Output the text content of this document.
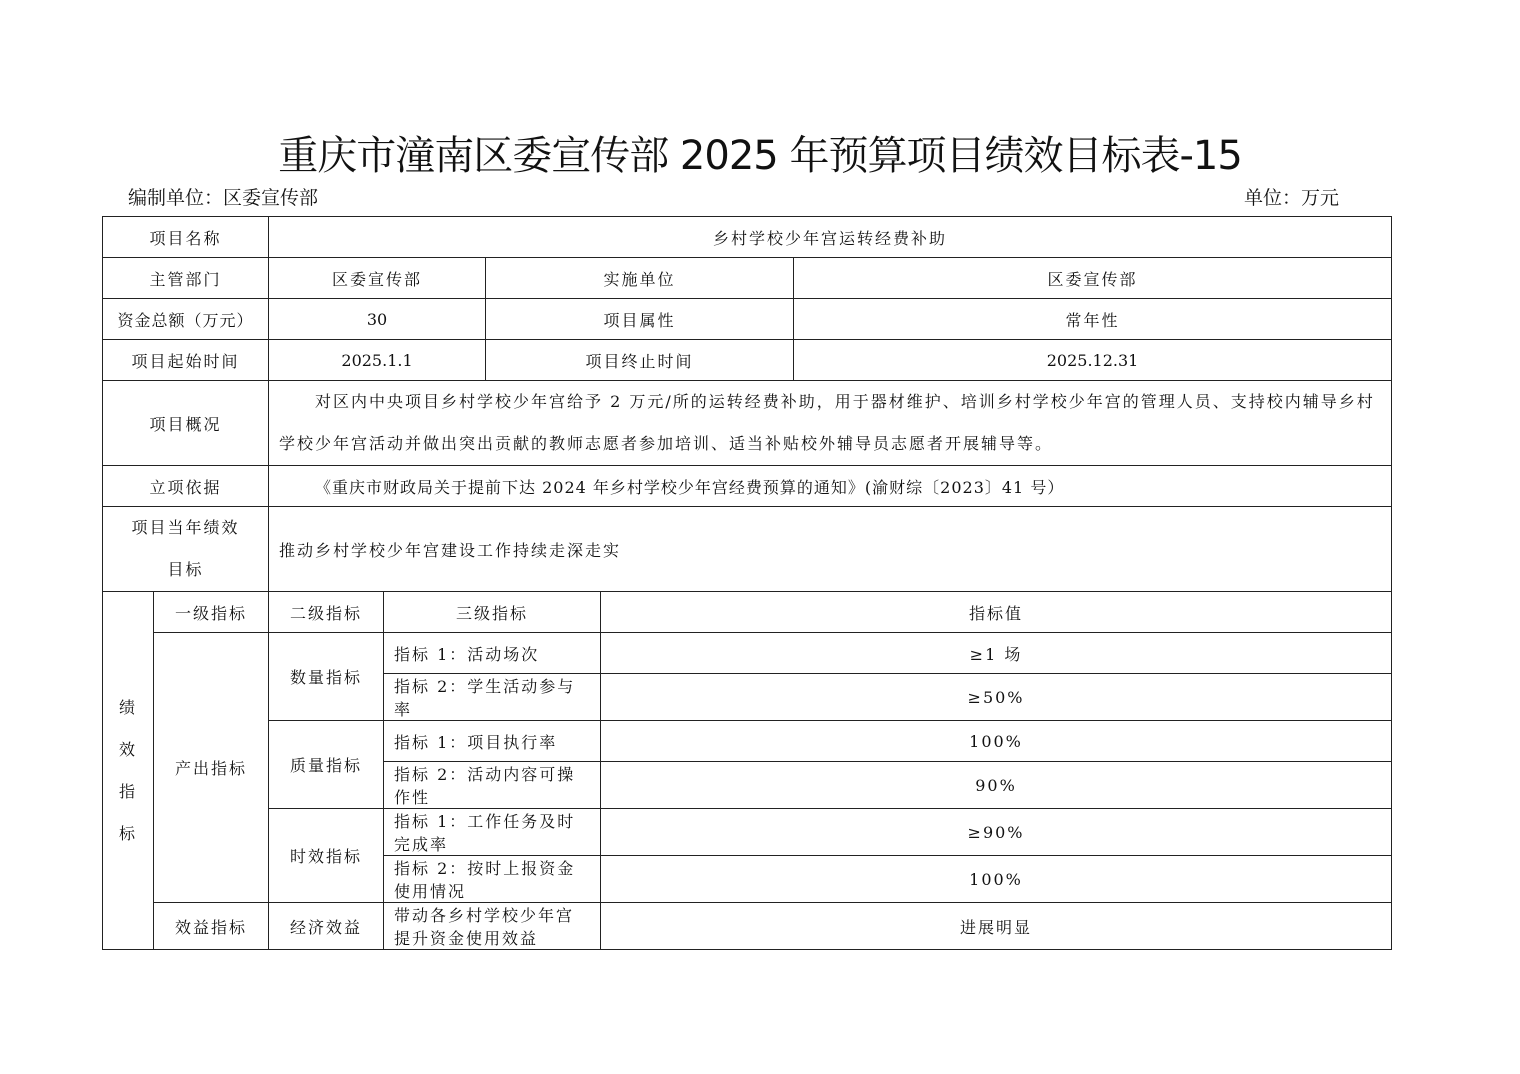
重庆市潼南区委宣传部 2025 年预算项目绩效目标表-15
编制单位：区委宣传部	单位：万元
项目名称		乡村学校少年宫运转经费补助				
主管部门		区委宣传部		实施单位		区委宣传部
资金总额（万元）		30		项目属性		常年性
项目起始时间		2025.1.1		项目终止时间		2025.12.31
项目概况		对区内中央项目乡村学校少年宫给予 2 万元/所的运转经费补助，用于器材维护、培训乡村学校少年宫的管理人员、支持校内辅导乡村学校少年宫活动并做出突出贡献的教师志愿者参加培训、适当补贴校外辅导员志愿者开展辅导等。				
立项依据		《重庆市财政局关于提前下达 2024 年乡村学校少年宫经费预算的通知》(渝财综〔2023〕41 号）				
项目当年绩效目标		推动乡村学校少年宫建设工作持续走深走实				

绩
效
指
标	一级指标	二级指标	三级指标		指标值	
	产出指标	数量指标	指标 1：活动场次		≥1 场	
			指标 2：学生活动参与率		≥50%	
		质量指标	指标 1：项目执行率		100%	
			指标 2：活动内容可操作性		90%	
		时效指标	指标 1：工作任务及时完成率		≥90%	
			指标 2：按时上报资金使用情况		100%	
	效益指标	经济效益	带动各乡村学校少年宫提升资金使用效益		进展明显	
